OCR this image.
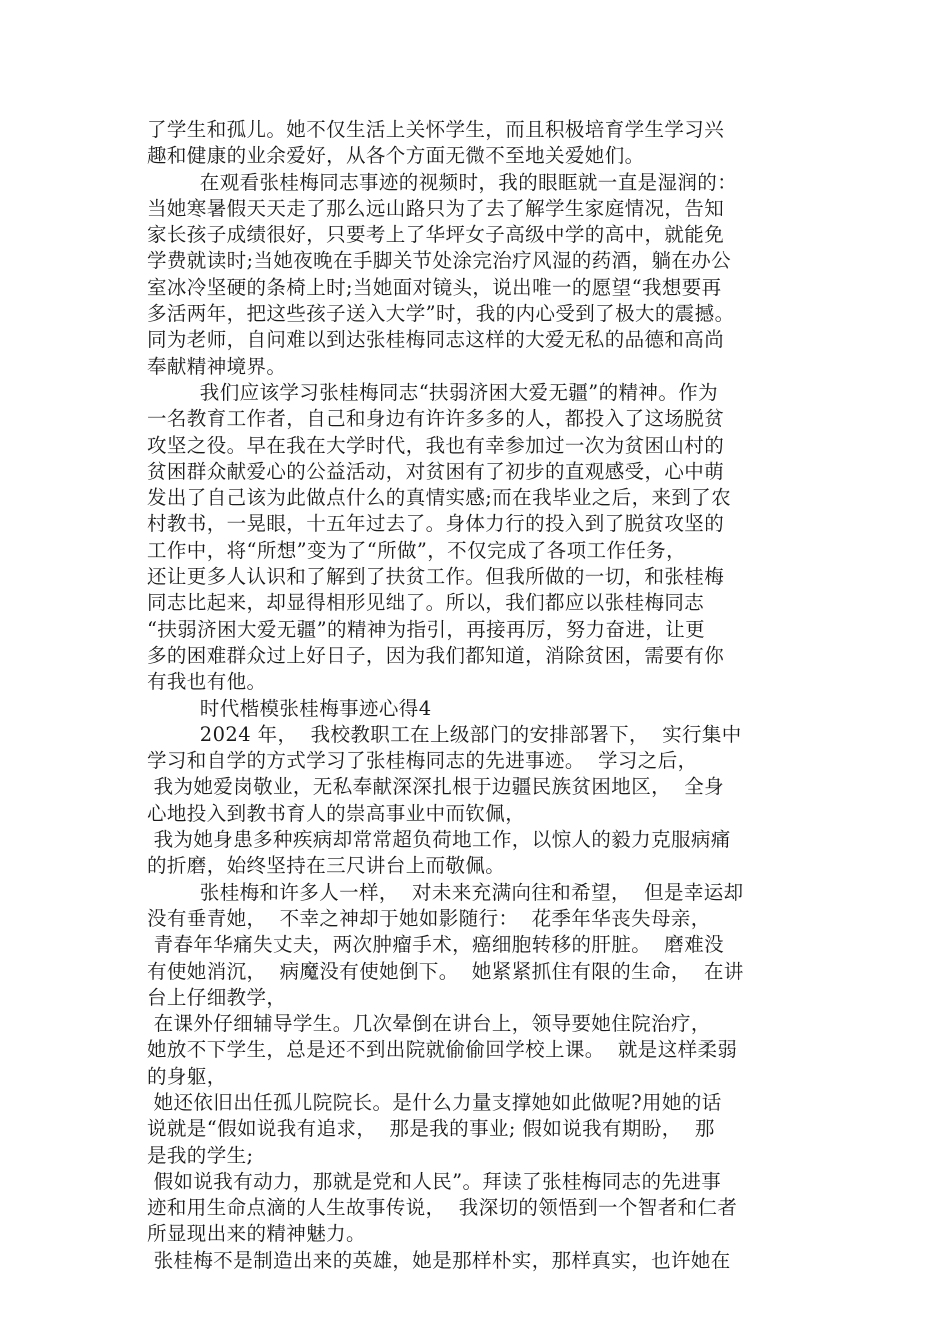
了学生和孤儿。她不仅生活上关怀学生，而且积极培育学生学习兴
趣和健康的业余爱好，从各个方面无微不至地关爱她们。
在观看张桂梅同志事迹的视频时，我的眼眶就一直是湿润的：
当她寒暑假天天走了那么远山路只为了去了解学生家庭情况，告知
家长孩子成绩很好，只要考上了华坪女子高级中学的高中，就能免
学费就读时;当她夜晚在手脚关节处涂完治疗风湿的药酒，躺在办公
室冰冷坚硬的条椅上时;当她面对镜头，说出唯一的愿望“我想要再
多活两年，把这些孩子送入大学”时，我的内心受到了极大的震撼。
同为老师，自问难以到达张桂梅同志这样的大爱无私的品德和高尚
奉献精神境界。
我们应该学习张桂梅同志“扶弱济困大爱无疆”的精神。作为
一名教育工作者，自己和身边有许许多多的人，都投入了这场脱贫
攻坚之役。早在我在大学时代，我也有幸参加过一次为贫困山村的
贫困群众献爱心的公益活动，对贫困有了初步的直观感受，心中萌
发出了自己该为此做点什么的真情实感;而在我毕业之后，来到了农
村教书，一晃眼，十五年过去了。身体力行的投入到了脱贫攻坚的
工作中，将“所想”变为了“所做”，不仅完成了各项工作任务，
还让更多人认识和了解到了扶贫工作。但我所做的一切，和张桂梅
同志比起来，却显得相形见绌了。所以，我们都应以张桂梅同志
“扶弱济困大爱无疆”的精神为指引，再接再厉，努力奋进，让更
多的困难群众过上好日子，因为我们都知道，消除贫困，需要有你
有我也有他。
时代楷模张桂梅事迹心得4
2024 年，  我校教职工在上级部门的安排部署下，  实行集中
学习和自学的方式学习了张桂梅同志的先进事迹。  学习之后，
我为她爱岗敬业，无私奉献深深扎根于边疆民族贫困地区，  全身
心地投入到教书育人的崇高事业中而钦佩，
我为她身患多种疾病却常常超负荷地工作，以惊人的毅力克服病痛
的折磨，始终坚持在三尺讲台上而敬佩。
张桂梅和许多人一样，  对未来充满向往和希望，  但是幸运却
没有垂青她，  不幸之神却于她如影随行：  花季年华丧失母亲，
青春年华痛失丈夫，两次肿瘤手术，癌细胞转移的肝脏。  磨难没
有使她消沉，  病魔没有使她倒下。  她紧紧抓住有限的生命，  在讲
台上仔细教学，
在课外仔细辅导学生。几次晕倒在讲台上，领导要她住院治疗，
她放不下学生，总是还不到出院就偷偷回学校上课。  就是这样柔弱
的身躯，
她还依旧出任孤儿院院长。是什么力量支撑她如此做呢?用她的话
说就是“假如说我有追求，  那是我的事业; 假如说我有期盼，  那
是我的学生;
假如说我有动力，那就是党和人民”。拜读了张桂梅同志的先进事
迹和用生命点滴的人生故事传说，  我深切的领悟到一个智者和仁者
所显现出来的精神魅力。
张桂梅不是制造出来的英雄，她是那样朴实，那样真实，也许她在
